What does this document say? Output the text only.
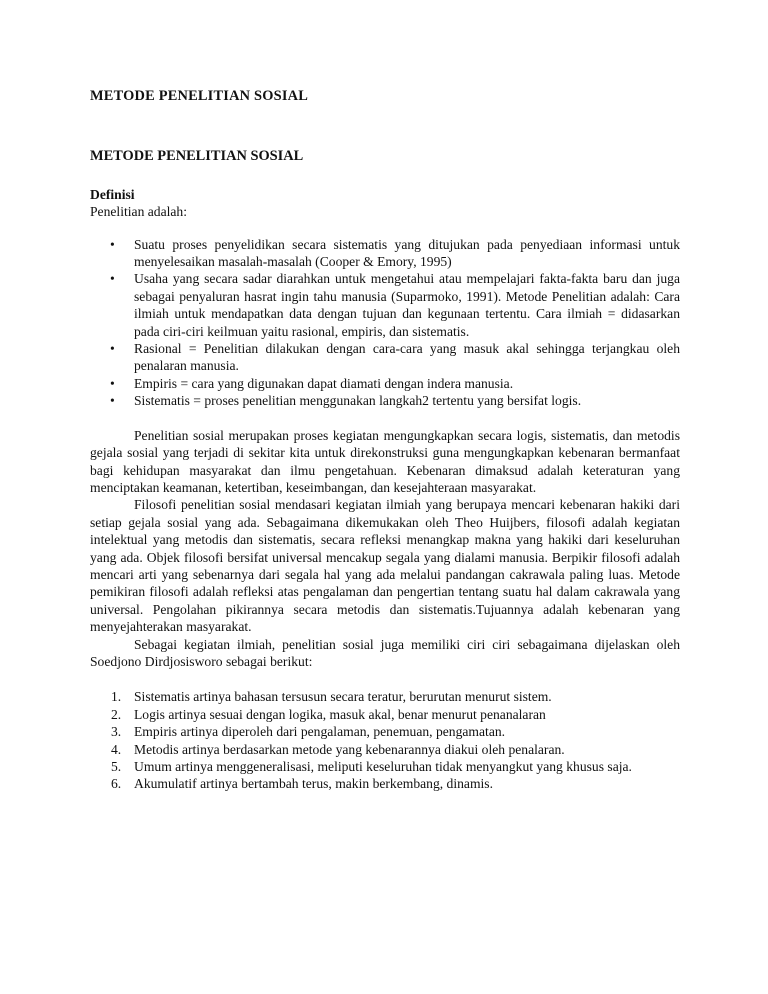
METODE PENELITIAN SOSIAL
METODE PENELITIAN SOSIAL
Definisi
Penelitian adalah:
• Suatu proses penyelidikan secara sistematis yang ditujukan pada penyediaan informasi untuk menyelesaikan masalah-masalah (Cooper & Emory, 1995)
• Usaha yang secara sadar diarahkan untuk mengetahui atau mempelajari fakta-fakta baru dan juga sebagai penyaluran hasrat ingin tahu manusia (Suparmoko, 1991). Metode Penelitian adalah: Cara ilmiah untuk mendapatkan data dengan tujuan dan kegunaan tertentu. Cara ilmiah = didasarkan pada ciri-ciri keilmuan yaitu rasional, empiris, dan sistematis.
• Rasional = Penelitian dilakukan dengan cara-cara yang masuk akal sehingga terjangkau oleh penalaran manusia.
• Empiris = cara yang digunakan dapat diamati dengan indera manusia.
• Sistematis = proses penelitian menggunakan langkah2 tertentu yang bersifat logis.

Penelitian sosial merupakan proses kegiatan mengungkapkan secara logis, sistematis, dan metodis gejala sosial yang terjadi di sekitar kita untuk direkonstruksi guna mengungkapkan kebenaran bermanfaat bagi kehidupan masyarakat dan ilmu pengetahuan. Kebenaran dimaksud adalah keteraturan yang menciptakan keamanan, ketertiban, keseimbangan, dan kesejahteraan masyarakat.

Filosofi penelitian sosial mendasari kegiatan ilmiah yang berupaya mencari kebenaran hakiki dari setiap gejala sosial yang ada. Sebagaimana dikemukakan oleh Theo Huijbers, filosofi adalah kegiatan intelektual yang metodis dan sistematis, secara refleksi menangkap makna yang hakiki dari keseluruhan yang ada. Objek filosofi bersifat universal mencakup segala yang dialami manusia. Berpikir filosofi adalah mencari arti yang sebenarnya dari segala hal yang ada melalui pandangan cakrawala paling luas. Metode pemikiran filosofi adalah refleksi atas pengalaman dan pengertian tentang suatu hal dalam cakrawala yang universal. Pengolahan pikirannya secara metodis dan sistematis.Tujuannya adalah kebenaran yang menyejahterakan masyarakat.

Sebagai kegiatan ilmiah, penelitian sosial juga memiliki ciri ciri sebagaimana dijelaskan oleh Soedjono Dirdjosisworo sebagai berikut:

1. Sistematis artinya bahasan tersusun secara teratur, berurutan menurut sistem.
2. Logis artinya sesuai dengan logika, masuk akal, benar menurut penanalaran
3. Empiris artinya diperoleh dari pengalaman, penemuan, pengamatan.
4. Metodis artinya berdasarkan metode yang kebenarannya diakui oleh penalaran.
5. Umum artinya menggeneralisasi, meliputi keseluruhan tidak menyangkut yang khusus saja.
6. Akumulatif artinya bertambah terus, makin berkembang, dinamis.
